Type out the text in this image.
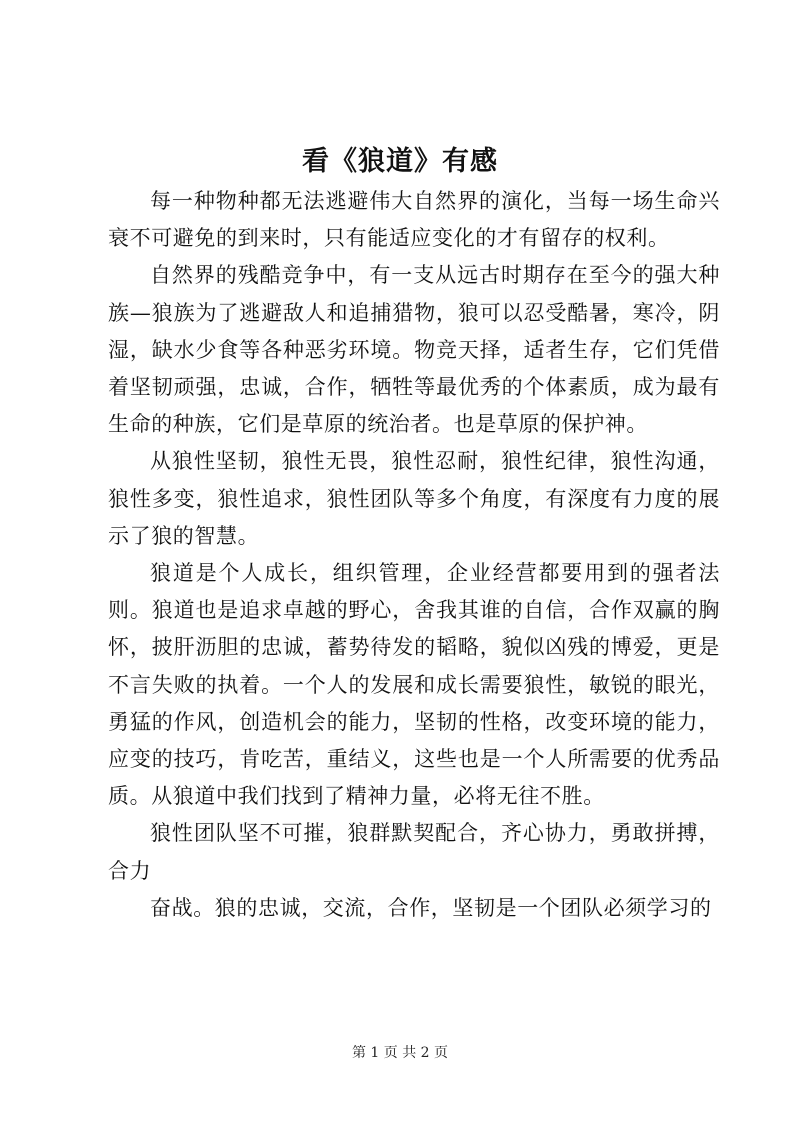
看《狼道》有感

每一种物种都无法逃避伟大自然界的演化，当每一场生命兴衰不可避免的到来时，只有能适应变化的才有留存的权利。

自然界的残酷竞争中，有一支从远古时期存在至今的强大种族—狼族为了逃避敌人和追捕猎物，狼可以忍受酷暑，寒冷，阴湿，缺水少食等各种恶劣环境。物竞天择，适者生存，它们凭借着坚韧顽强，忠诚，合作，牺牲等最优秀的个体素质，成为最有生命的种族，它们是草原的统治者。也是草原的保护神。

从狼性坚韧，狼性无畏，狼性忍耐，狼性纪律，狼性沟通，狼性多变，狼性追求，狼性团队等多个角度，有深度有力度的展示了狼的智慧。

狼道是个人成长，组织管理，企业经营都要用到的强者法则。狼道也是追求卓越的野心，舍我其谁的自信，合作双赢的胸怀，披肝沥胆的忠诚，蓄势待发的韬略，貌似凶残的博爱，更是不言失败的执着。一个人的发展和成长需要狼性，敏锐的眼光，勇猛的作风，创造机会的能力，坚韧的性格，改变环境的能力，应变的技巧，肯吃苦，重结义，这些也是一个人所需要的优秀品质。从狼道中我们找到了精神力量，必将无往不胜。

狼性团队坚不可摧，狼群默契配合，齐心协力，勇敢拼搏，合力

奋战。狼的忠诚，交流，合作，坚韧是一个团队必须学习的

第 1 页 共 2 页
